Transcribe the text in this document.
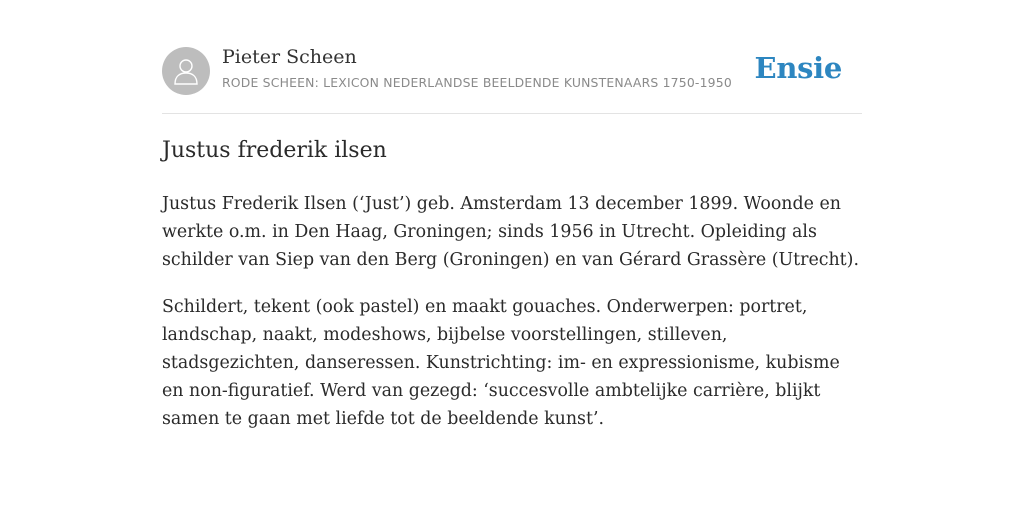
Pieter Scheen
RODE SCHEEN: LEXICON NEDERLANDSE BEELDENDE KUNSTENAARS 1750-1950 Ensie
Justus frederik ilsen

Justus Frederik Ilsen (‘Just’) geb. Amsterdam 13 december 1899. Woonde en werkte o.m. in Den Haag, Groningen; sinds 1956 in Utrecht. Opleiding als schilder van Siep van den Berg (Groningen) en van Gérard Grassère (Utrecht).

Schildert, tekent (ook pastel) en maakt gouaches. Onderwerpen: portret, landschap, naakt, modeshows, bijbelse voorstellingen, stilleven, stadsgezichten, danseressen. Kunstrichting: im- en expressionisme, kubisme en non-figuratief. Werd van gezegd: ‘succesvolle ambtelijke carrière, blijkt samen te gaan met liefde tot de beeldende kunst’.
